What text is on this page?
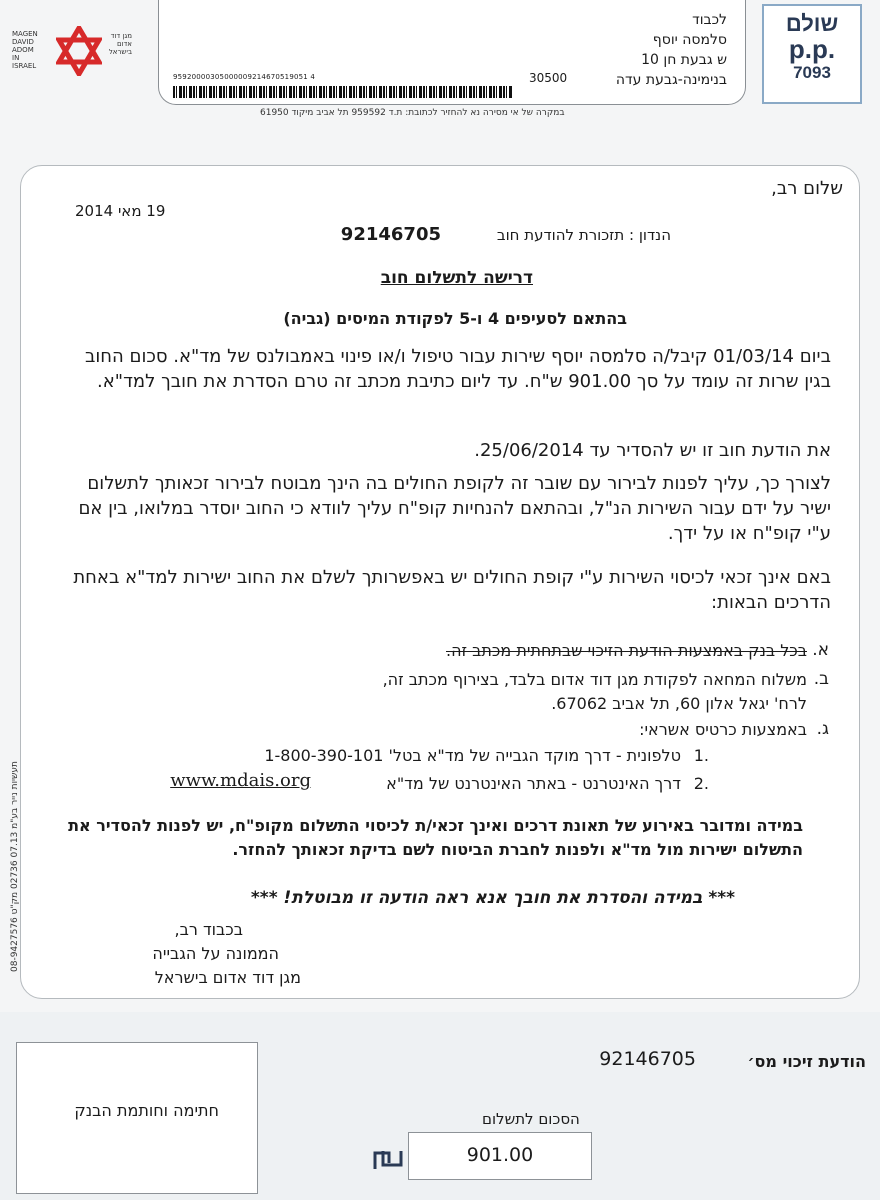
MAGEN DAVID ADOM IN ISRAEL
מגן דוד אדום בישראל
לכבוד
סלמסה יוסף
ש גבעת חן 10
בנימינה-גבעת עדה
30500
95920000305000009214670519051 4
במקרה של אי מסירה נא להחזיר לכתובת: ת.ד 959592 תל אביב מיקוד 61950
שולם
p.p.
7093
שלום רב,
19 מאי 2014
הנדון : תזכורת להודעת חוב
92146705
דרישה לתשלום חוב
בהתאם לסעיפים 4 ו-5 לפקודת המיסים (גביה)
ביום 01/03/14 קיבל/ה סלמסה יוסף שירות עבור טיפול ו/או פינוי באמבולנס של מד"א. סכום החוב בגין שרות זה עומד על סך 901.00 ש"ח. עד ליום כתיבת מכתב זה טרם הסדרת את חובך למד"א.
את הודעת חוב זו יש להסדיר עד 25/06/2014.
לצורך כך, עליך לפנות לבירור עם שובר זה לקופת החולים בה הינך מבוטח לבירור זכאותך לתשלום ישיר על ידם עבור השירות הנ"ל, ובהתאם להנחיות קופ"ח עליך לוודא כי החוב יוסדר במלואו, בין אם ע"י קופ"ח או על ידך.
באם אינך זכאי לכיסוי השירות ע"י קופת החולים יש באפשרותך לשלם את החוב ישירות למד"א באחת הדרכים הבאות:
א.
בכל בנק באמצעות הודעת הזיכוי שבתחתית מכתב זה.
ב.
משלוח המחאה לפקודת מגן דוד אדום בלבד, בצירוף מכתב זה,
לרח' יגאל אלון 60, תל אביב 67062.
ג.
באמצעות כרטיס אשראי:
.1
טלפונית - דרך מוקד הגבייה של מד"א בטל' 1-800-390-101
.2
דרך האינטרנט - באתר האינטרנט של מד"א
www.mdais.org
במידה ומדובר באירוע של תאונת דרכים ואינך זכאי/ת לכיסוי התשלום מקופ"ח, יש לפנות להסדיר את התשלום ישירות מול מד"א ולפנות לחברת הביטוח לשם בדיקת זכאותך להחזר.
*** במידה והסדרת את חובך אנא ראה הודעה זו מבוטלת! ***
בכבוד רב,
הממונה על הגבייה
מגן דוד אדום בישראל
08-9427576 תעשיות נייר בע"מ 07.13 02736 מק"ט
הודעת זיכוי מס׳
92146705
חתימה וחותמת הבנק	הסכום לתשלום
901.00
